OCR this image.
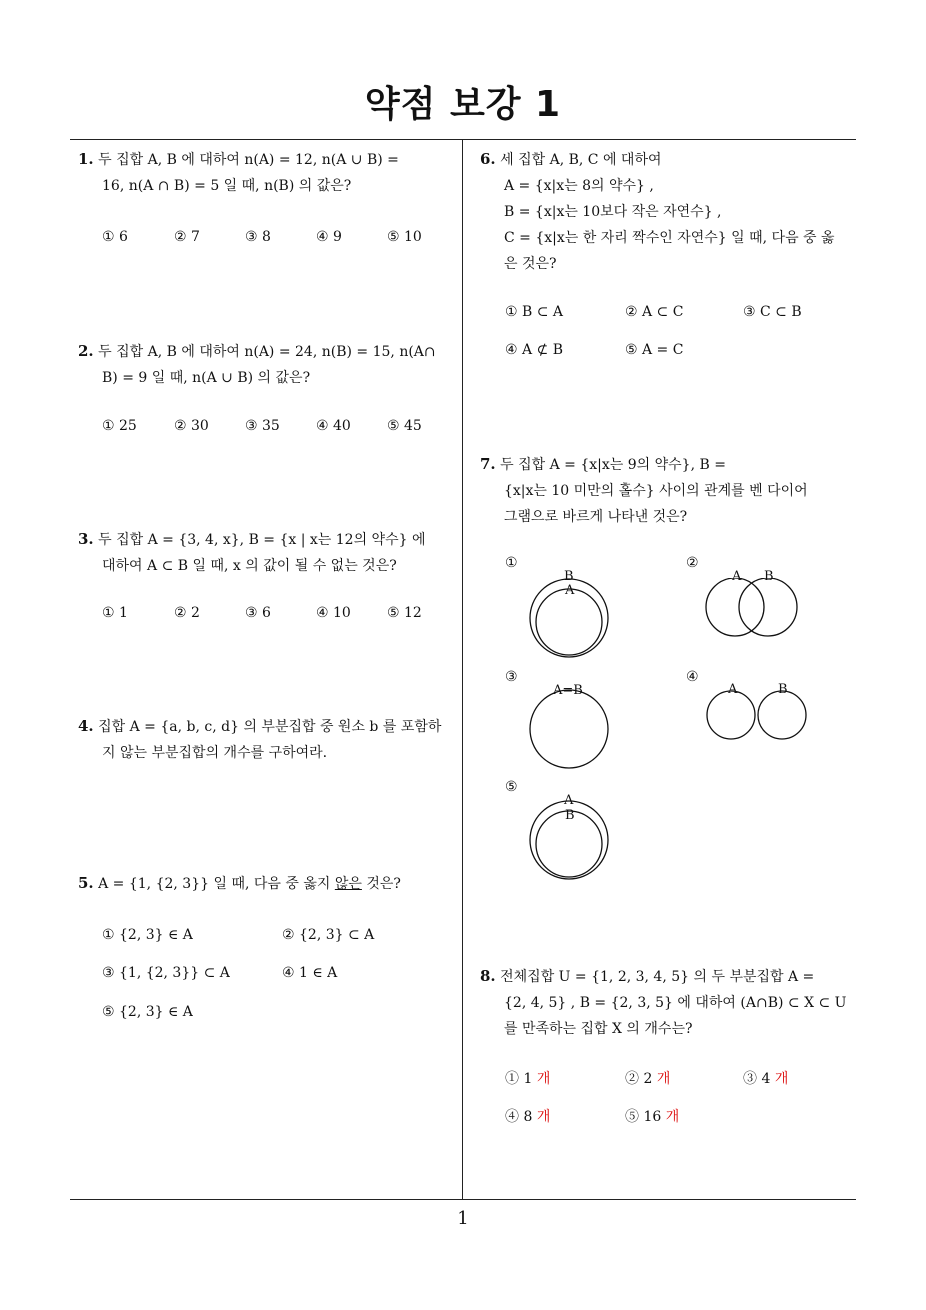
약점 보강 1
1
1. 두 집합 A, B 에 대하여 n(A) = 12, n(A ∪ B) =
16, n(A ∩ B) = 5 일 때, n(B) 의 값은?
① 6	② 7	③ 8	④ 9	⑤ 10
2. 두 집합 A, B 에 대하여 n(A) = 24, n(B) = 15, n(A∩
B) = 9 일 때, n(A ∪ B) 의 값은?
① 25	② 30	③ 35	④ 40	⑤ 45
3. 두 집합 A = {3, 4, x}, B = {x | x는 12의 약수} 에
대하여 A ⊂ B 일 때, x 의 값이 될 수 없는 것은?
① 1	② 2	③ 6	④ 10	⑤ 12
4. 집합 A = {a, b, c, d} 의 부분집합 중 원소 b 를 포함하
지 않는 부분집합의 개수를 구하여라.
5. A = {1, {2, 3}} 일 때, 다음 중 옳지 않은 것은?
① {2, 3} ∈ A	② {2, 3} ⊂ A
③ {1, {2, 3}} ⊂ A	④ 1 ∈ A
⑤ {2, 3} ∈ A
6. 세 집합 A, B, C 에 대하여
A = {x|x는 8의 약수} ,
B = {x|x는 10보다 작은 자연수} ,
C = {x|x는 한 자리 짝수인 자연수} 일 때, 다음 중 옳
은 것은?
① B ⊂ A	② A ⊂ C	③ C ⊂ B
④ A ⊄ B	⑤ A = C
7. 두 집합 A = {x|x는 9의 약수}, B =
{x|x는 10 미만의 홀수} 사이의 관계를 벤 다이어
그램으로 바르게 나타낸 것은?
①
B
A
②
A B
③
A=B
④
A	B
⑤
A
B
8. 전체집합 U = {1, 2, 3, 4, 5} 의 두 부분집합 A =
{2, 4, 5} , B = {2, 3, 5} 에 대하여 (A∩B) ⊂ X ⊂ U
를 만족하는 집합 X 의 개수는?
① 1 개	② 2 개	③ 4 개
④ 8 개	⑤ 16 개
